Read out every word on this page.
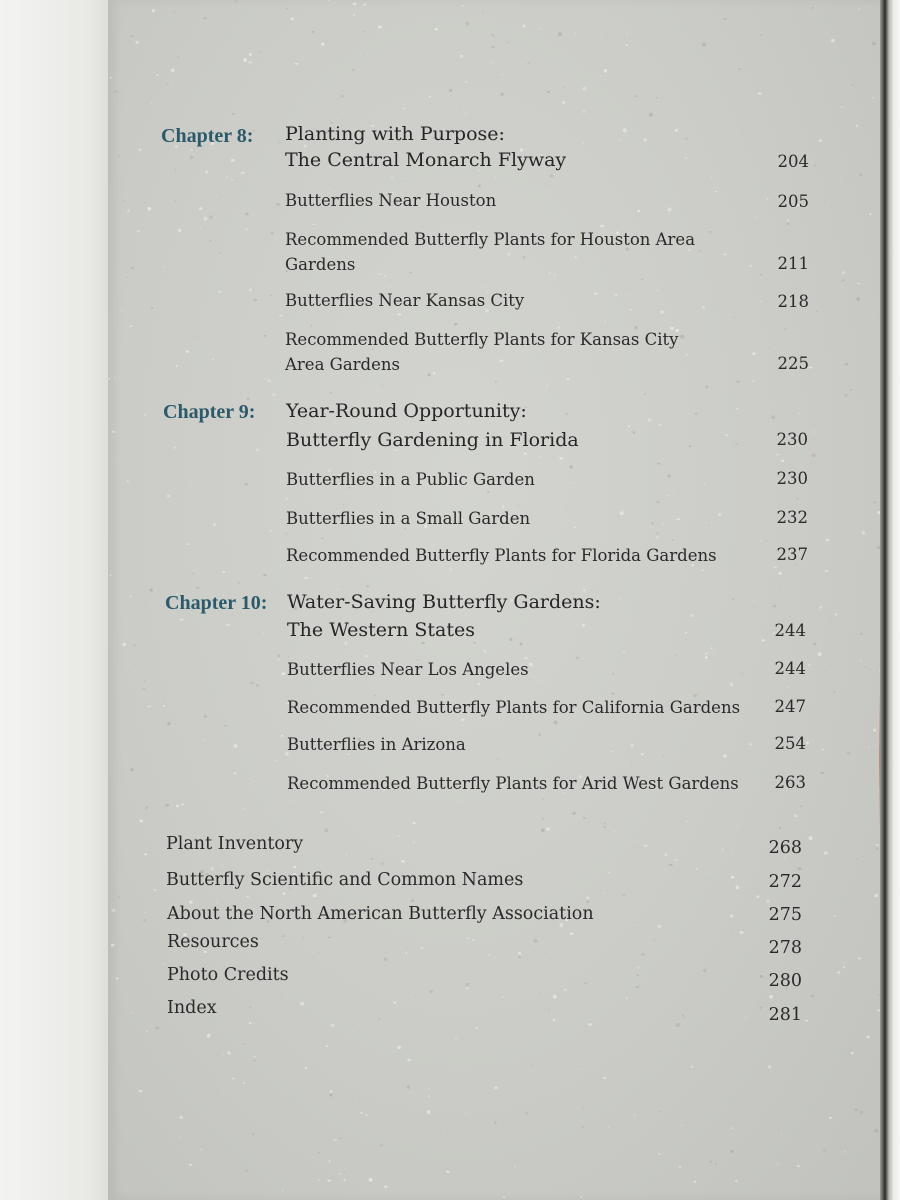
Chapter 8: Planting with Purpose:
The Central Monarch Flyway	204
Butterflies Near Houston	205
Recommended Butterfly Plants for Houston Area
Gardens	211
Butterflies Near Kansas City	218
Recommended Butterfly Plants for Kansas City
Area Gardens	225
Chapter 9: Year-Round Opportunity:
Butterfly Gardening in Florida	230
Butterflies in a Public Garden	230
Butterflies in a Small Garden	232
Recommended Butterfly Plants for Florida Gardens	237
Chapter 10: Water-Saving Butterfly Gardens:
The Western States	244
Butterflies Near Los Angeles	244
Recommended Butterfly Plants for California Gardens	247
Butterflies in Arizona	254
Recommended Butterfly Plants for Arid West Gardens	263
Plant Inventory	268
Butterfly Scientific and Common Names	272
About the North American Butterfly Association	275
Resources	278
Photo Credits	280
Index	281
